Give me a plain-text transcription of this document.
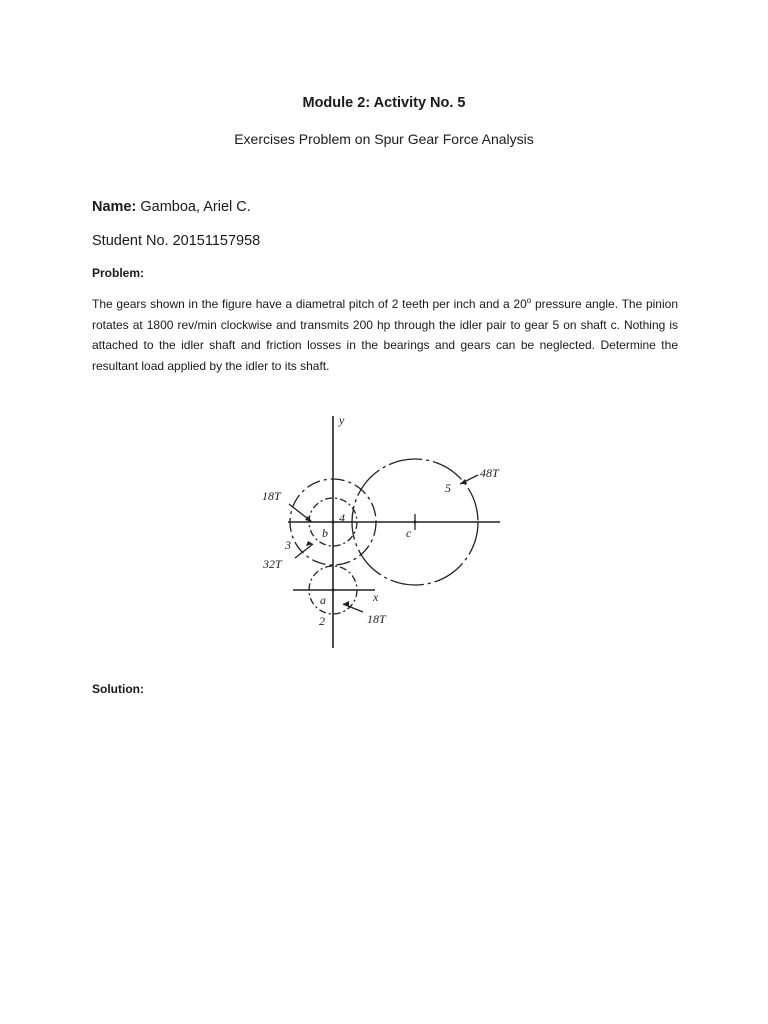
Module 2: Activity No. 5
Exercises Problem on Spur Gear Force Analysis
Name: Gamboa, Ariel C.
Student No. 20151157958
Problem:
The gears shown in the figure have a diametral pitch of 2 teeth per inch and a 20$^o$ pressure angle. The pinion rotates at 1800 rev/min clockwise and transmits 200 hp through the idler pair to gear 5 on shaft c. Nothing is attached to the idler shaft and friction losses in the bearings and gears can be neglected. Determine the resultant load applied by the idler to its shaft.
y
x
48T
5
18T
4
b	c
3
32T
a
2	18T
Solution:
